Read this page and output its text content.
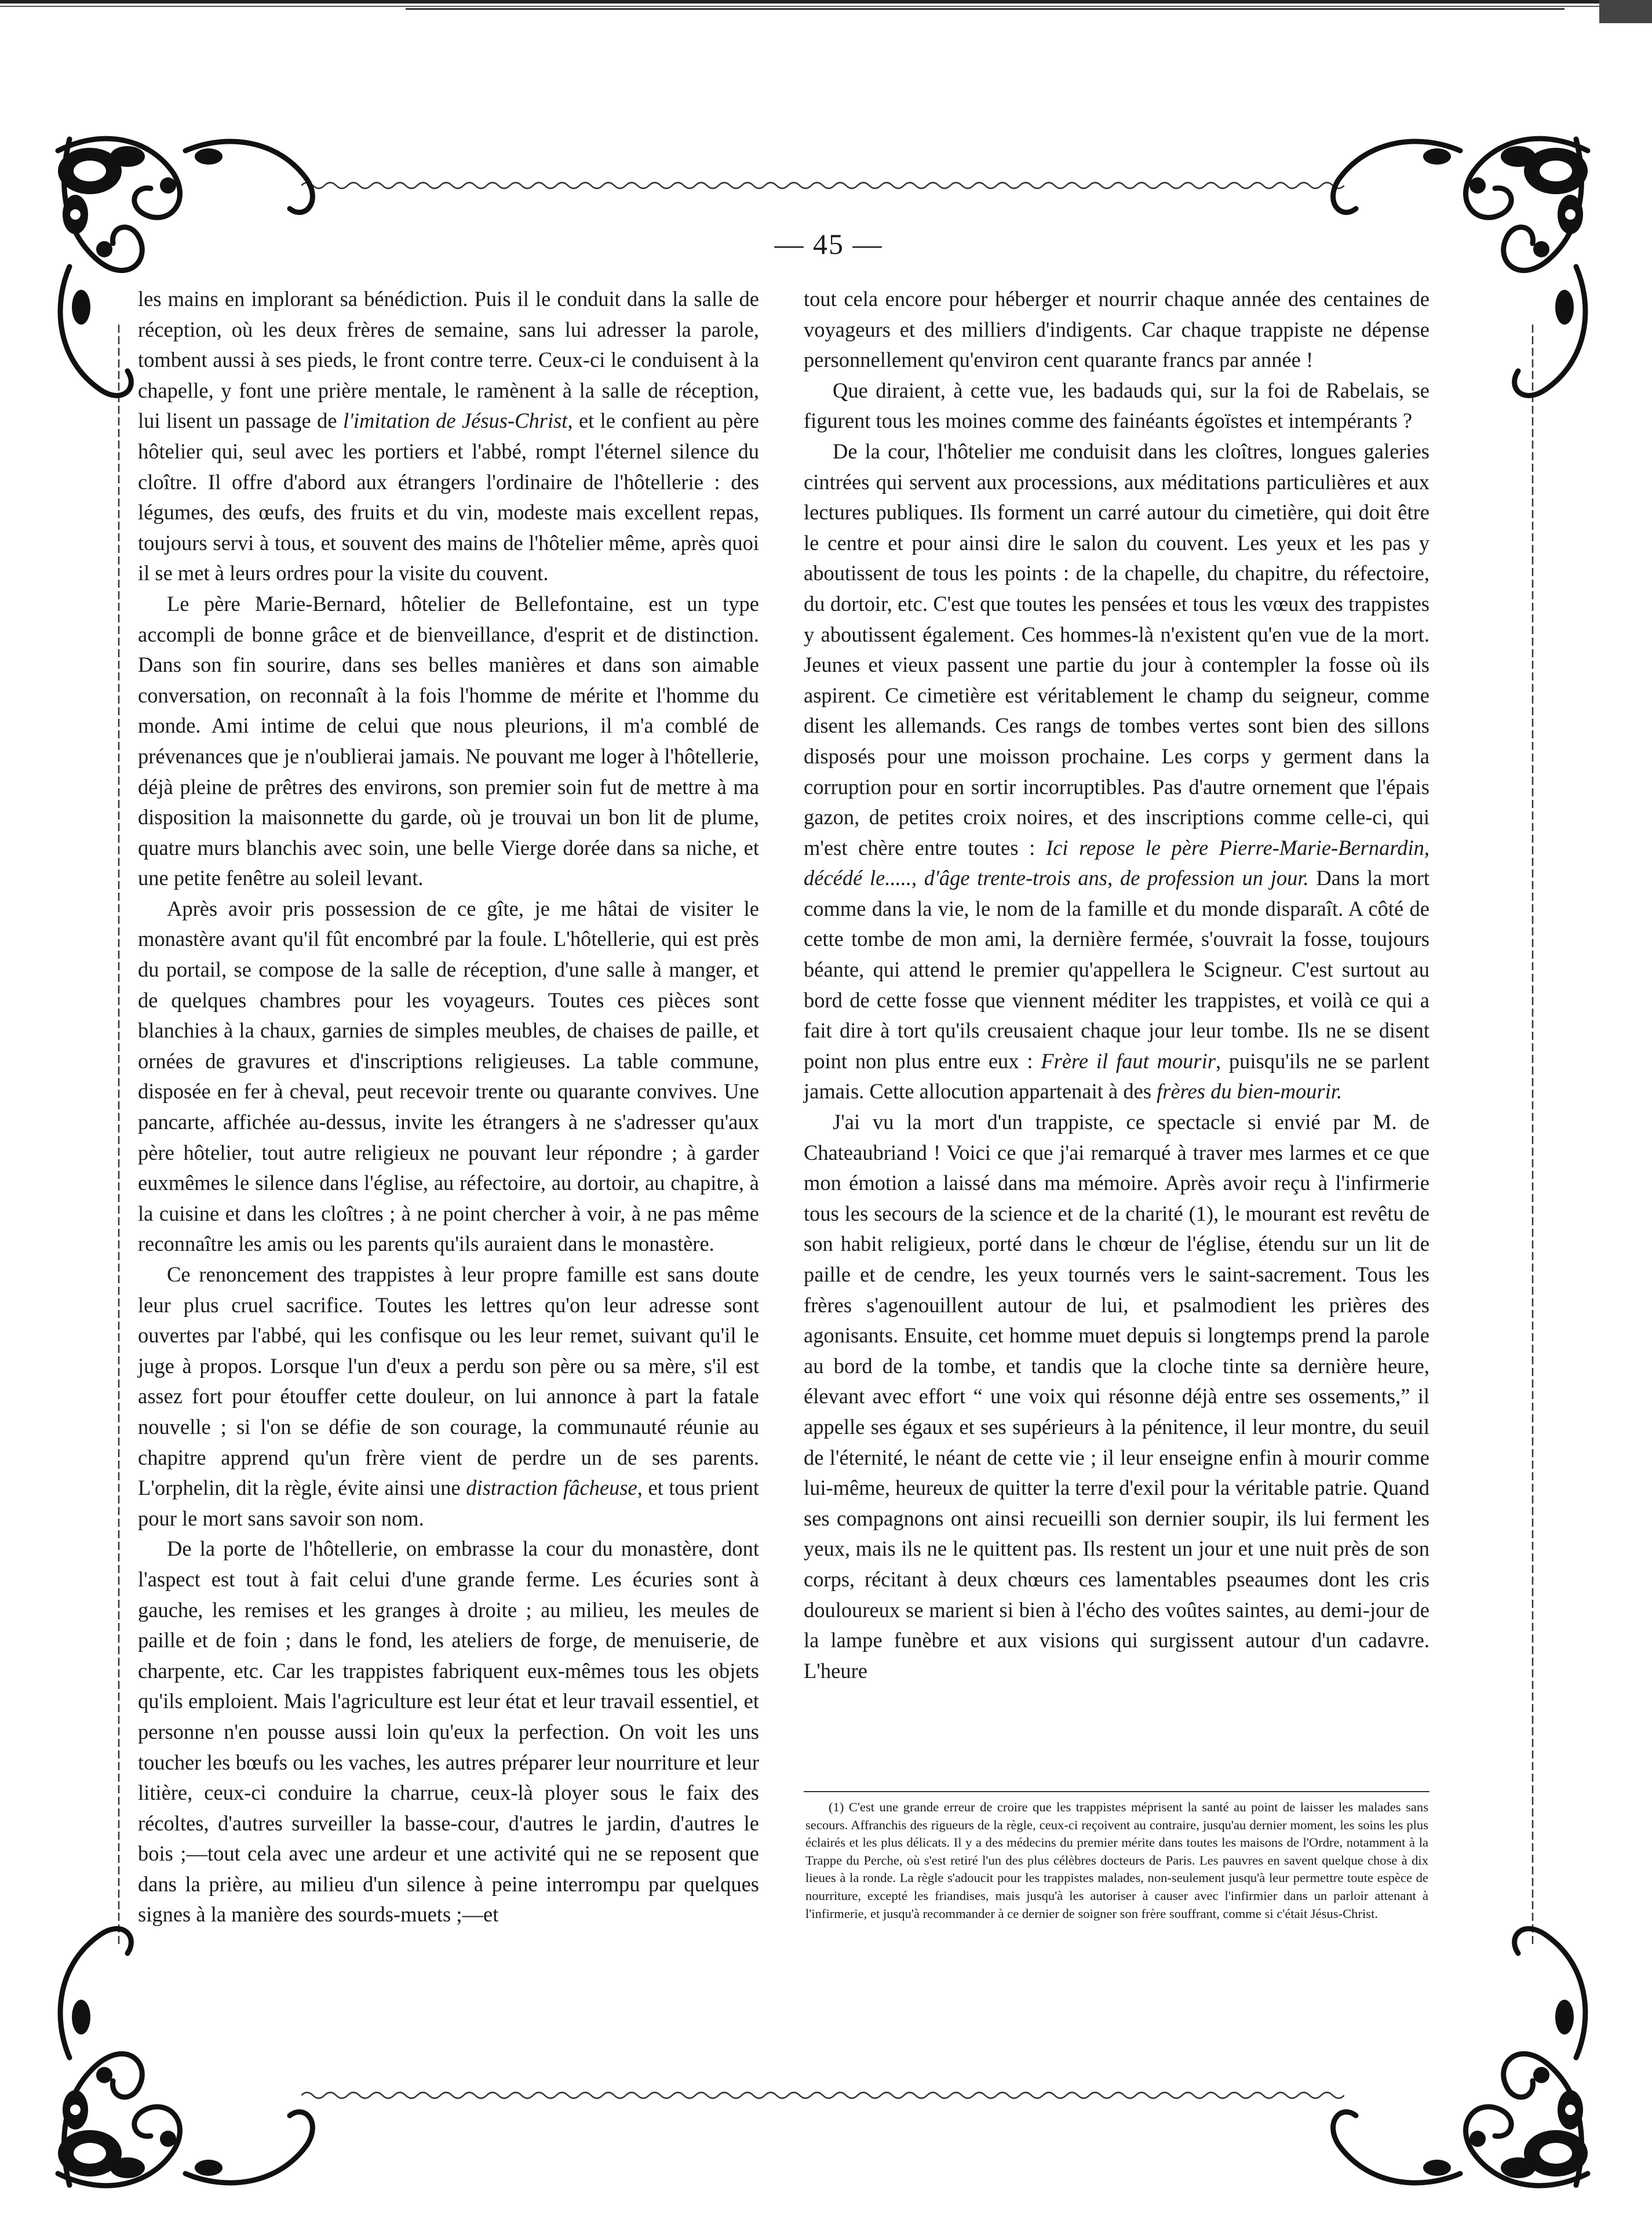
— 45 —

les mains en implorant sa bénédiction. Puis il le conduit dans la salle de réception, où les deux frères de semaine, sans lui adresser la parole, tombent aussi à ses pieds, le front contre terre. Ceux-ci le conduisent à la chapelle, y font une prière mentale, le ramènent à la salle de réception, lui lisent un passage de l'imitation de Jésus-Christ, et le confient au père hôtelier qui, seul avec les portiers et l'abbé, rompt l'éternel silence du cloître. Il offre d'abord aux étrangers l'ordinaire de l'hôtellerie : des légumes, des œufs, des fruits et du vin, modeste mais excellent repas, toujours servi à tous, et souvent des mains de l'hôtelier même, après quoi il se met à leurs ordres pour la visite du couvent.

Le père Marie-Bernard, hôtelier de Bellefontaine, est un type accompli de bonne grâce et de bienveillance, d'esprit et de distinction. Dans son fin sourire, dans ses belles manières et dans son aimable conversation, on reconnaît à la fois l'homme de mérite et l'homme du monde. Ami intime de celui que nous pleurions, il m'a comblé de prévenances que je n'oublierai jamais. Ne pouvant me loger à l'hôtellerie, déjà pleine de prêtres des environs, son premier soin fut de mettre à ma disposition la maisonnette du garde, où je trouvai un bon lit de plume, quatre murs blanchis avec soin, une belle Vierge dorée dans sa niche, et une petite fenêtre au soleil levant.

Après avoir pris possession de ce gîte, je me hâtai de visiter le monastère avant qu'il fût encombré par la foule. L'hôtellerie, qui est près du portail, se compose de la salle de réception, d'une salle à manger, et de quelques chambres pour les voyageurs. Toutes ces pièces sont blanchies à la chaux, garnies de simples meubles, de chaises de paille, et ornées de gravures et d'inscriptions religieuses. La table commune, disposée en fer à cheval, peut recevoir trente ou quarante convives. Une pancarte, affichée au-dessus, invite les étrangers à ne s'adresser qu'aux père hôtelier, tout autre religieux ne pouvant leur répondre ; à garder euxmêmes le silence dans l'église, au réfectoire, au dortoir, au chapitre, à la cuisine et dans les cloîtres ; à ne point chercher à voir, à ne pas même reconnaître les amis ou les parents qu'ils auraient dans le monastère.

Ce renoncement des trappistes à leur propre famille est sans doute leur plus cruel sacrifice. Toutes les lettres qu'on leur adresse sont ouvertes par l'abbé, qui les confisque ou les leur remet, suivant qu'il le juge à propos. Lorsque l'un d'eux a perdu son père ou sa mère, s'il est assez fort pour étouffer cette douleur, on lui annonce à part la fatale nouvelle ; si l'on se défie de son courage, la communauté réunie au chapitre apprend qu'un frère vient de perdre un de ses parents. L'orphelin, dit la règle, évite ainsi une distraction fâcheuse, et tous prient pour le mort sans savoir son nom.

De la porte de l'hôtellerie, on embrasse la cour du monastère, dont l'aspect est tout à fait celui d'une grande ferme. Les écuries sont à gauche, les remises et les granges à droite ; au milieu, les meules de paille et de foin ; dans le fond, les ateliers de forge, de menuiserie, de charpente, etc. Car les trappistes fabriquent eux-mêmes tous les objets qu'ils emploient. Mais l'agriculture est leur état et leur travail essentiel, et personne n'en pousse aussi loin qu'eux la perfection. On voit les uns toucher les bœufs ou les vaches, les autres préparer leur nourriture et leur litière, ceux-ci conduire la charrue, ceux-là ployer sous le faix des récoltes, d'autres surveiller la basse-cour, d'autres le jardin, d'autres le bois ;—tout cela avec une ardeur et une activité qui ne se reposent que dans la prière, au milieu d'un silence à peine interrompu par quelques signes à la manière des sourds-muets ;—et

tout cela encore pour héberger et nourrir chaque année des centaines de voyageurs et des milliers d'indigents. Car chaque trappiste ne dépense personnellement qu'environ cent quarante francs par année !

Que diraient, à cette vue, les badauds qui, sur la foi de Rabelais, se figurent tous les moines comme des fainéants égoïstes et intempérants ?

De la cour, l'hôtelier me conduisit dans les cloîtres, longues galeries cintrées qui servent aux processions, aux méditations particulières et aux lectures publiques. Ils forment un carré autour du cimetière, qui doit être le centre et pour ainsi dire le salon du couvent. Les yeux et les pas y aboutissent de tous les points : de la chapelle, du chapitre, du réfectoire, du dortoir, etc. C'est que toutes les pensées et tous les vœux des trappistes y aboutissent également. Ces hommes-là n'existent qu'en vue de la mort. Jeunes et vieux passent une partie du jour à contempler la fosse où ils aspirent. Ce cimetière est véritablement le champ du seigneur, comme disent les allemands. Ces rangs de tombes vertes sont bien des sillons disposés pour une moisson prochaine. Les corps y germent dans la corruption pour en sortir incorruptibles. Pas d'autre ornement que l'épais gazon, de petites croix noires, et des inscriptions comme celle-ci, qui m'est chère entre toutes : Ici repose le père Pierre-Marie-Bernardin, décédé le....., d'âge trente-trois ans, de profession un jour. Dans la mort comme dans la vie, le nom de la famille et du monde disparaît. A côté de cette tombe de mon ami, la dernière fermée, s'ouvrait la fosse, toujours béante, qui attend le premier qu'appellera le Scigneur. C'est surtout au bord de cette fosse que viennent méditer les trappistes, et voilà ce qui a fait dire à tort qu'ils creusaient chaque jour leur tombe. Ils ne se disent point non plus entre eux : Frère il faut mourir, puisqu'ils ne se parlent jamais. Cette allocution appartenait à des frères du bien-mourir.

J'ai vu la mort d'un trappiste, ce spectacle si envié par M. de Chateaubriand ! Voici ce que j'ai remarqué à traver mes larmes et ce que mon émotion a laissé dans ma mémoire. Après avoir reçu à l'infirmerie tous les secours de la science et de la charité (1), le mourant est revêtu de son habit religieux, porté dans le chœur de l'église, étendu sur un lit de paille et de cendre, les yeux tournés vers le saint-sacrement. Tous les frères s'agenouillent autour de lui, et psalmodient les prières des agonisants. Ensuite, cet homme muet depuis si longtemps prend la parole au bord de la tombe, et tandis que la cloche tinte sa dernière heure, élevant avec effort “ une voix qui résonne déjà entre ses ossements,” il appelle ses égaux et ses supérieurs à la pénitence, il leur montre, du seuil de l'éternité, le néant de cette vie ; il leur enseigne enfin à mourir comme lui-même, heureux de quitter la terre d'exil pour la véritable patrie. Quand ses compagnons ont ainsi recueilli son dernier soupir, ils lui ferment les yeux, mais ils ne le quittent pas. Ils restent un jour et une nuit près de son corps, récitant à deux chœurs ces lamentables pseaumes dont les cris douloureux se marient si bien à l'écho des voûtes saintes, au demi-jour de la lampe funèbre et aux visions qui surgissent autour d'un cadavre. L'heure

(1) C'est une grande erreur de croire que les trappistes méprisent la santé au point de laisser les malades sans secours. Affranchis des rigueurs de la règle, ceux-ci reçoivent au contraire, jusqu'au dernier moment, les soins les plus éclairés et les plus délicats. Il y a des médecins du premier mérite dans toutes les maisons de l'Ordre, notamment à la Trappe du Perche, où s'est retiré l'un des plus célèbres docteurs de Paris. Les pauvres en savent quelque chose à dix lieues à la ronde. La règle s'adoucit pour les trappistes malades, non-seulement jusqu'à leur permettre toute espèce de nourriture, excepté les friandises, mais jusqu'à les autoriser à causer avec l'infirmier dans un parloir attenant à l'infirmerie, et jusqu'à recommander à ce dernier de soigner son frère souffrant, comme si c'était Jésus-Christ.
